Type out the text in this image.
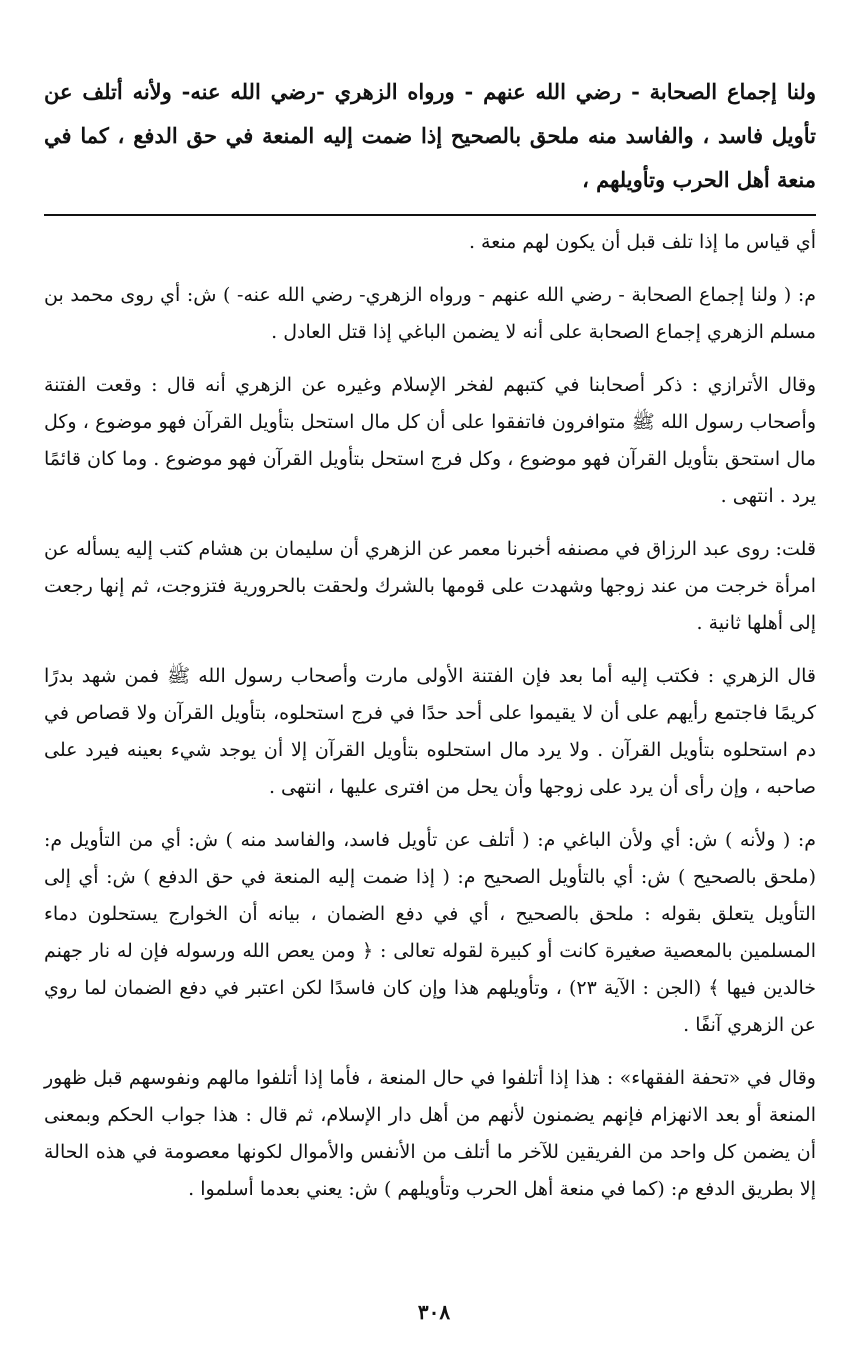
ولنا إجماع الصحابة - رضي الله عنهم - ورواه الزهري -رضي الله عنه- ولأنه أتلف عن تأويل فاسد ، والفاسد منه ملحق بالصحيح إذا ضمت إليه المنعة في حق الدفع ، كما في منعة أهل الحرب وتأويلهم ،

أي قياس ما إذا تلف قبل أن يكون لهم منعة .

م: ( ولنا إجماع الصحابة - رضي الله عنهم - ورواه الزهري- رضي الله عنه- ) ش: أي روى محمد بن مسلم الزهري إجماع الصحابة على أنه لا يضمن الباغي إذا قتل العادل .

وقال الأترازي : ذكر أصحابنا في كتبهم لفخر الإسلام وغيره عن الزهري أنه قال : وقعت الفتنة وأصحاب رسول الله ﷺ متوافرون فاتفقوا على أن كل مال استحل بتأويل القرآن فهو موضوع ، وكل مال استحق بتأويل القرآن فهو موضوع ، وكل فرج استحل بتأويل القرآن فهو موضوع . وما كان قائمًا يرد . انتهى .

قلت: روى عبد الرزاق في مصنفه أخبرنا معمر عن الزهري أن سليمان بن هشام كتب إليه يسأله عن امرأة خرجت من عند زوجها وشهدت على قومها بالشرك ولحقت بالحرورية فتزوجت، ثم إنها رجعت إلى أهلها ثانية .

قال الزهري : فكتب إليه أما بعد فإن الفتنة الأولى مارت وأصحاب رسول الله ﷺ فمن شهد بدرًا كريمًا فاجتمع رأيهم على أن لا يقيموا على أحد حدًا في فرج استحلوه، بتأويل القرآن ولا قصاص في دم استحلوه بتأويل القرآن . ولا يرد مال استحلوه بتأويل القرآن إلا أن يوجد شيء بعينه فيرد على صاحبه ، وإن رأى أن يرد على زوجها وأن يحل من افترى عليها ، انتهى .

م: ( ولأنه ) ش: أي ولأن الباغي م: ( أتلف عن تأويل فاسد، والفاسد منه ) ش: أي من التأويل م: (ملحق بالصحيح ) ش: أي بالتأويل الصحيح م: ( إذا ضمت إليه المنعة في حق الدفع ) ش: أي إلى التأويل يتعلق بقوله : ملحق بالصحيح ، أي في دفع الضمان ، بيانه أن الخوارج يستحلون دماء المسلمين بالمعصية صغيرة كانت أو كبيرة لقوله تعالى : ﴿ ومن يعص الله ورسوله فإن له نار جهنم خالدين فيها ﴾ (الجن : الآية ٢٣) ، وتأويلهم هذا وإن كان فاسدًا لكن اعتبر في دفع الضمان لما روي عن الزهري آنفًا .

وقال في «تحفة الفقهاء» : هذا إذا أتلفوا في حال المنعة ، فأما إذا أتلفوا مالهم ونفوسهم قبل ظهور المنعة أو بعد الانهزام فإنهم يضمنون لأنهم من أهل دار الإسلام، ثم قال : هذا جواب الحكم وبمعنى أن يضمن كل واحد من الفريقين للآخر ما أتلف من الأنفس والأموال لكونها معصومة في هذه الحالة إلا بطريق الدفع م: (كما في منعة أهل الحرب وتأويلهم ) ش: يعني بعدما أسلموا .

٣٠٨
